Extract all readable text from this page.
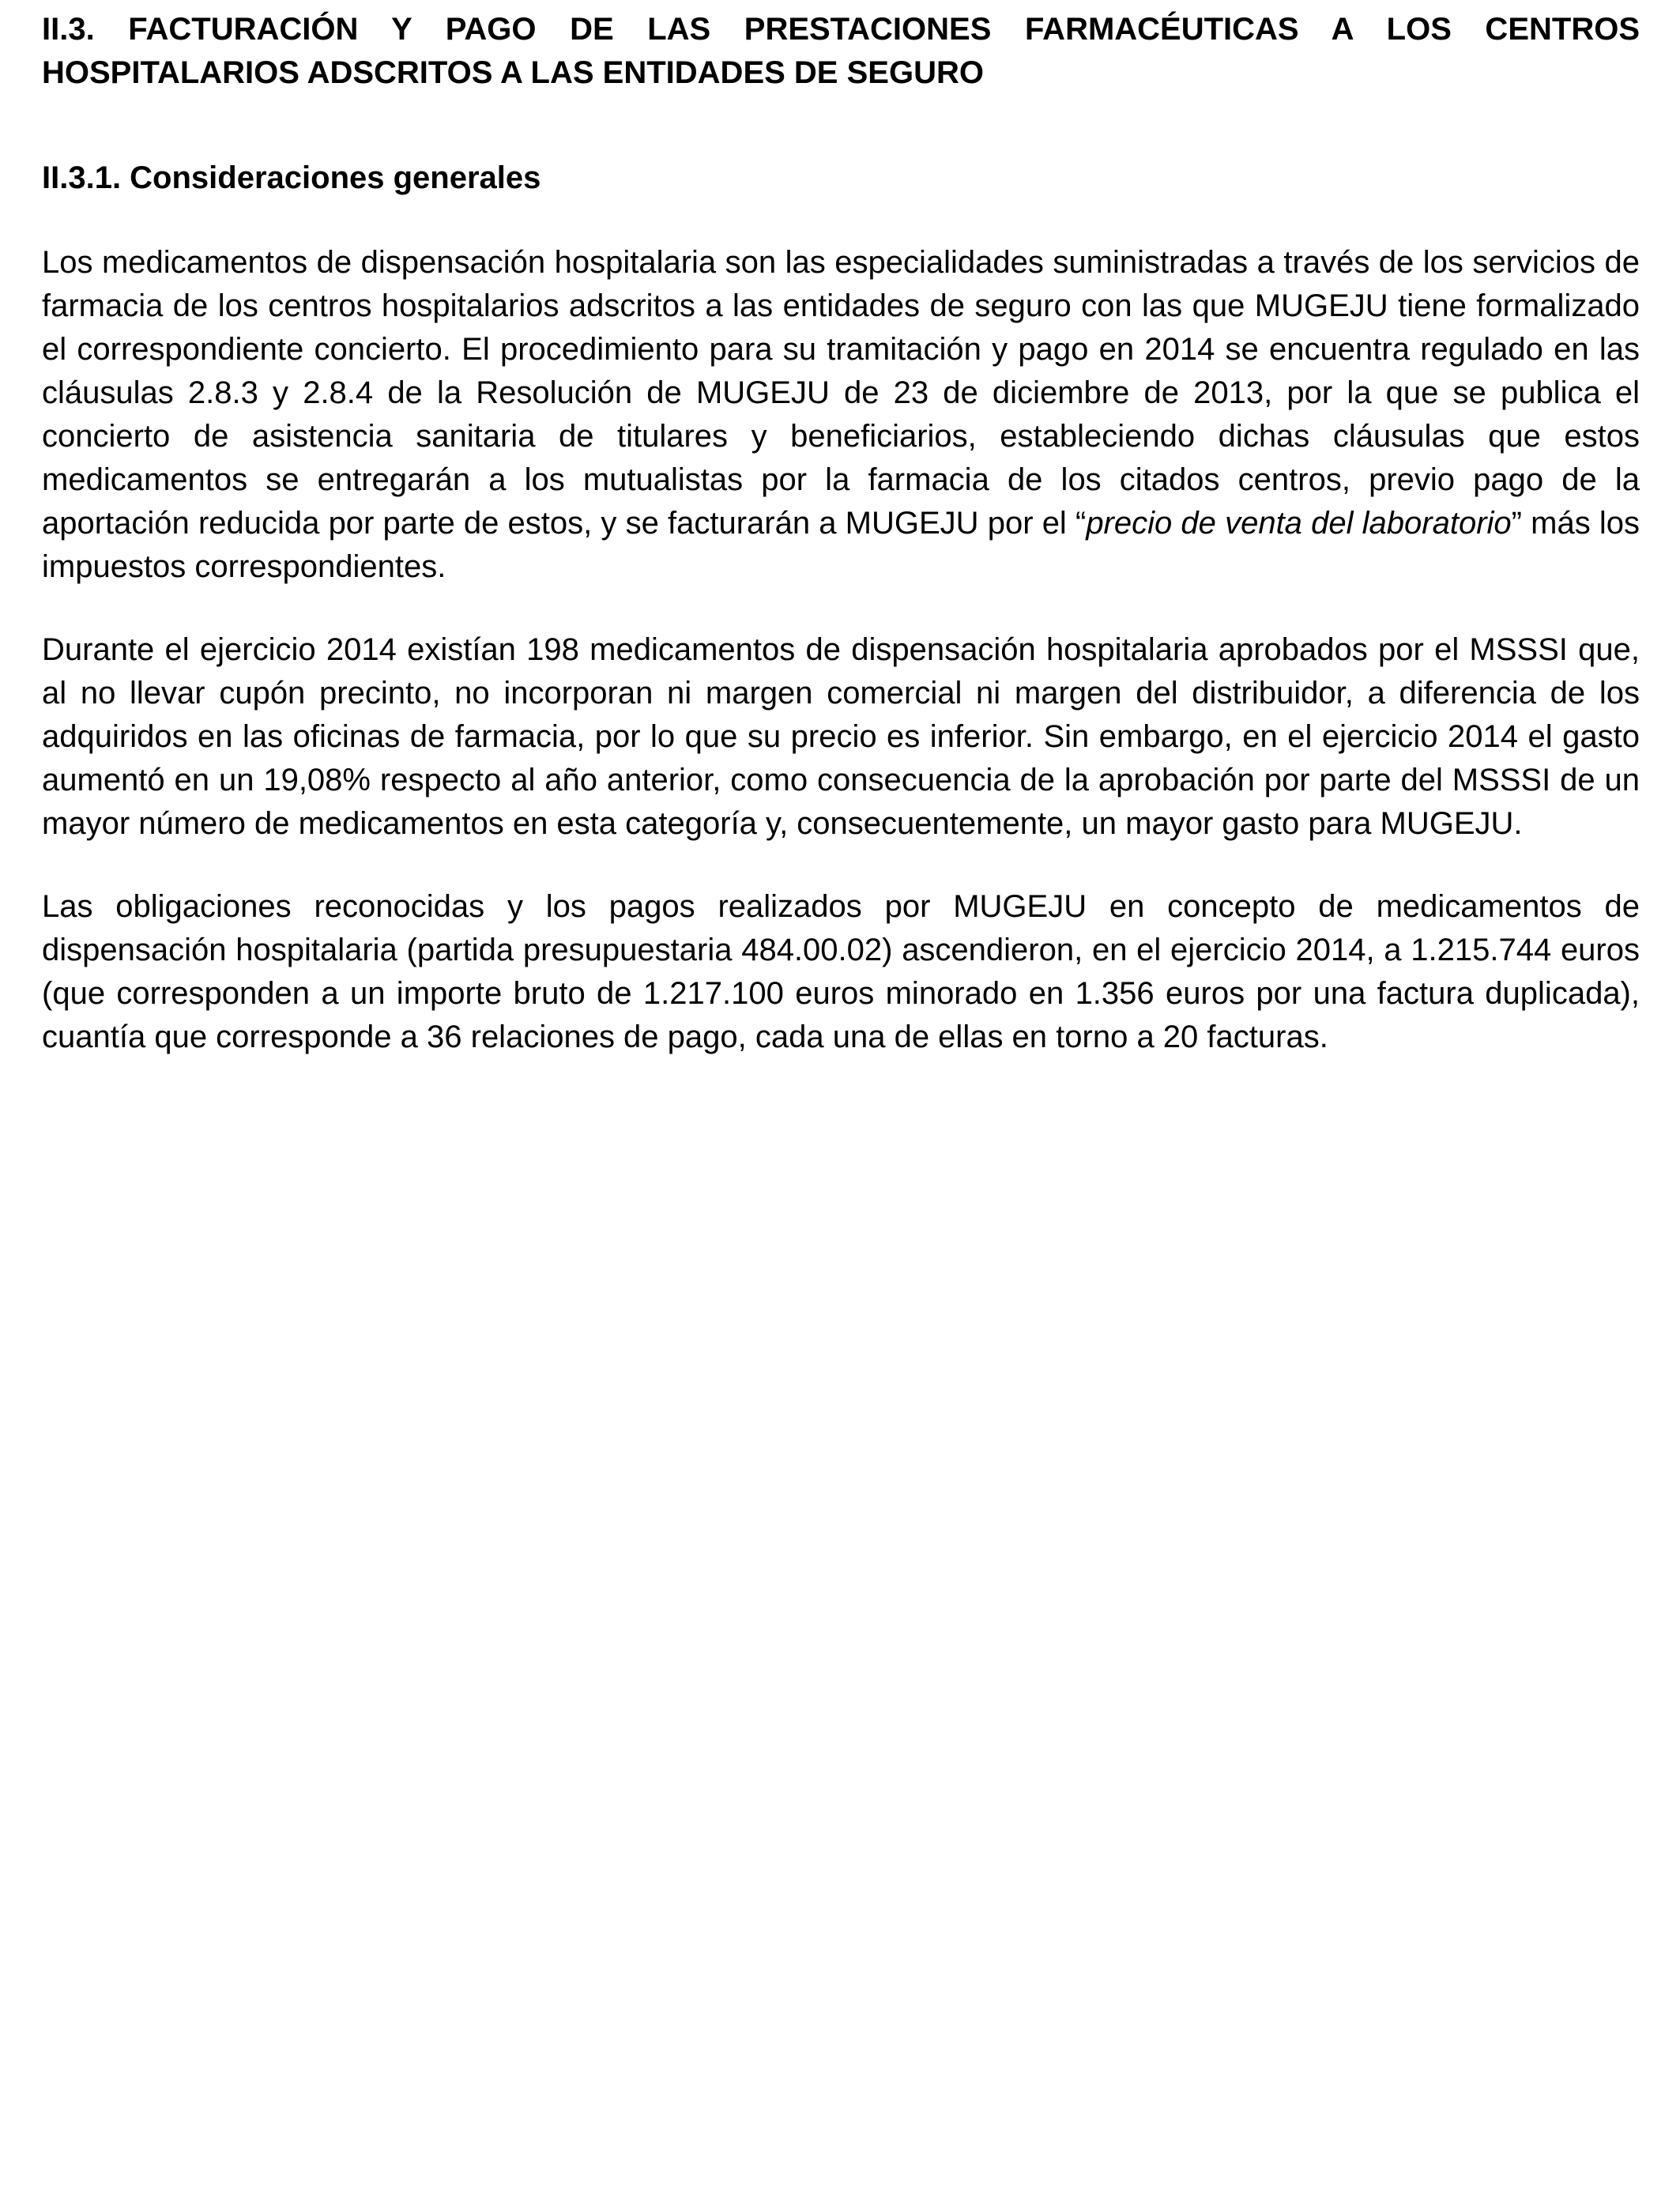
II.3. FACTURACIÓN Y PAGO DE LAS PRESTACIONES FARMACÉUTICAS A LOS CENTROS HOSPITALARIOS ADSCRITOS A LAS ENTIDADES DE SEGURO
II.3.1. Consideraciones generales

Los medicamentos de dispensación hospitalaria son las especialidades suministradas a través de los servicios de farmacia de los centros hospitalarios adscritos a las entidades de seguro con las que MUGEJU tiene formalizado el correspondiente concierto. El procedimiento para su tramitación y pago en 2014 se encuentra regulado en las cláusulas 2.8.3 y 2.8.4 de la Resolución de MUGEJU de 23 de diciembre de 2013, por la que se publica el concierto de asistencia sanitaria de titulares y beneficiarios, estableciendo dichas cláusulas que estos medicamentos se entregarán a los mutualistas por la farmacia de los citados centros, previo pago de la aportación reducida por parte de estos, y se facturarán a MUGEJU por el “precio de venta del laboratorio” más los impuestos correspondientes.

Durante el ejercicio 2014 existían 198 medicamentos de dispensación hospitalaria aprobados por el MSSSI que, al no llevar cupón precinto, no incorporan ni margen comercial ni margen del distribuidor, a diferencia de los adquiridos en las oficinas de farmacia, por lo que su precio es inferior. Sin embargo, en el ejercicio 2014 el gasto aumentó en un 19,08% respecto al año anterior, como consecuencia de la aprobación por parte del MSSSI de un mayor número de medicamentos en esta categoría y, consecuentemente, un mayor gasto para MUGEJU.

Las obligaciones reconocidas y los pagos realizados por MUGEJU en concepto de medicamentos de dispensación hospitalaria (partida presupuestaria 484.00.02) ascendieron, en el ejercicio 2014, a 1.215.744 euros (que corresponden a un importe bruto de 1.217.100 euros minorado en 1.356 euros por una factura duplicada), cuantía que corresponde a 36 relaciones de pago, cada una de ellas en torno a 20 facturas.
